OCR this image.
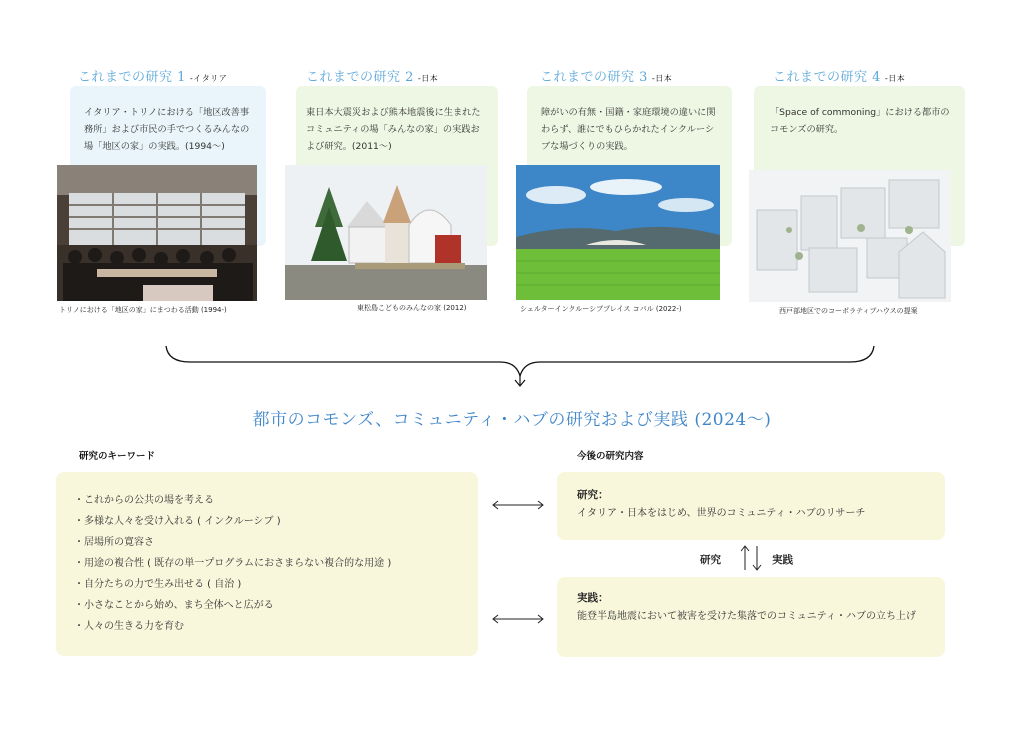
これまでの研究 1 -イタリア
イタリア・トリノにおける「地区改善事務所」および市民の手でつくるみんなの場「地区の家」の実践。(1994〜)
トリノにおける「地区の家」にまつわる活動 (1994-)
これまでの研究 2 -日本
東日本大震災および熊本地震後に生まれたコミュニティの場「みんなの家」の実践および研究。(2011〜)
東松島こどものみんなの家 (2012)
これまでの研究 3 -日本
障がいの有無・国籍・家庭環境の違いに関わらず、誰にでもひらかれたインクルーシブな場づくりの実践。
シェルターインクルーシブプレイス コパル (2022-)
これまでの研究 4 -日本
「Space of commoning」における都市のコモンズの研究。
西戸部地区でのコーポラティブハウスの提案
都市のコモンズ、コミュニティ・ハブの研究および実践 (2024〜)
研究のキーワード
・これからの公共の場を考える
・多様な人々を受け入れる ( インクルーシブ )
・居場所の寛容さ
・用途の複合性 ( 既存の単一プログラムにおさまらない複合的な用途 )
・自分たちの力で生み出せる ( 自治 )
・小さなことから始め、まち全体へと広がる
・人々の生きる力を育む
今後の研究内容
研究：
イタリア・日本をはじめ、世界のコミュニティ・ハブのリサーチ
研究	実践
実践：
能登半島地震において被害を受けた集落でのコミュニティ・ハブの立ち上げ
